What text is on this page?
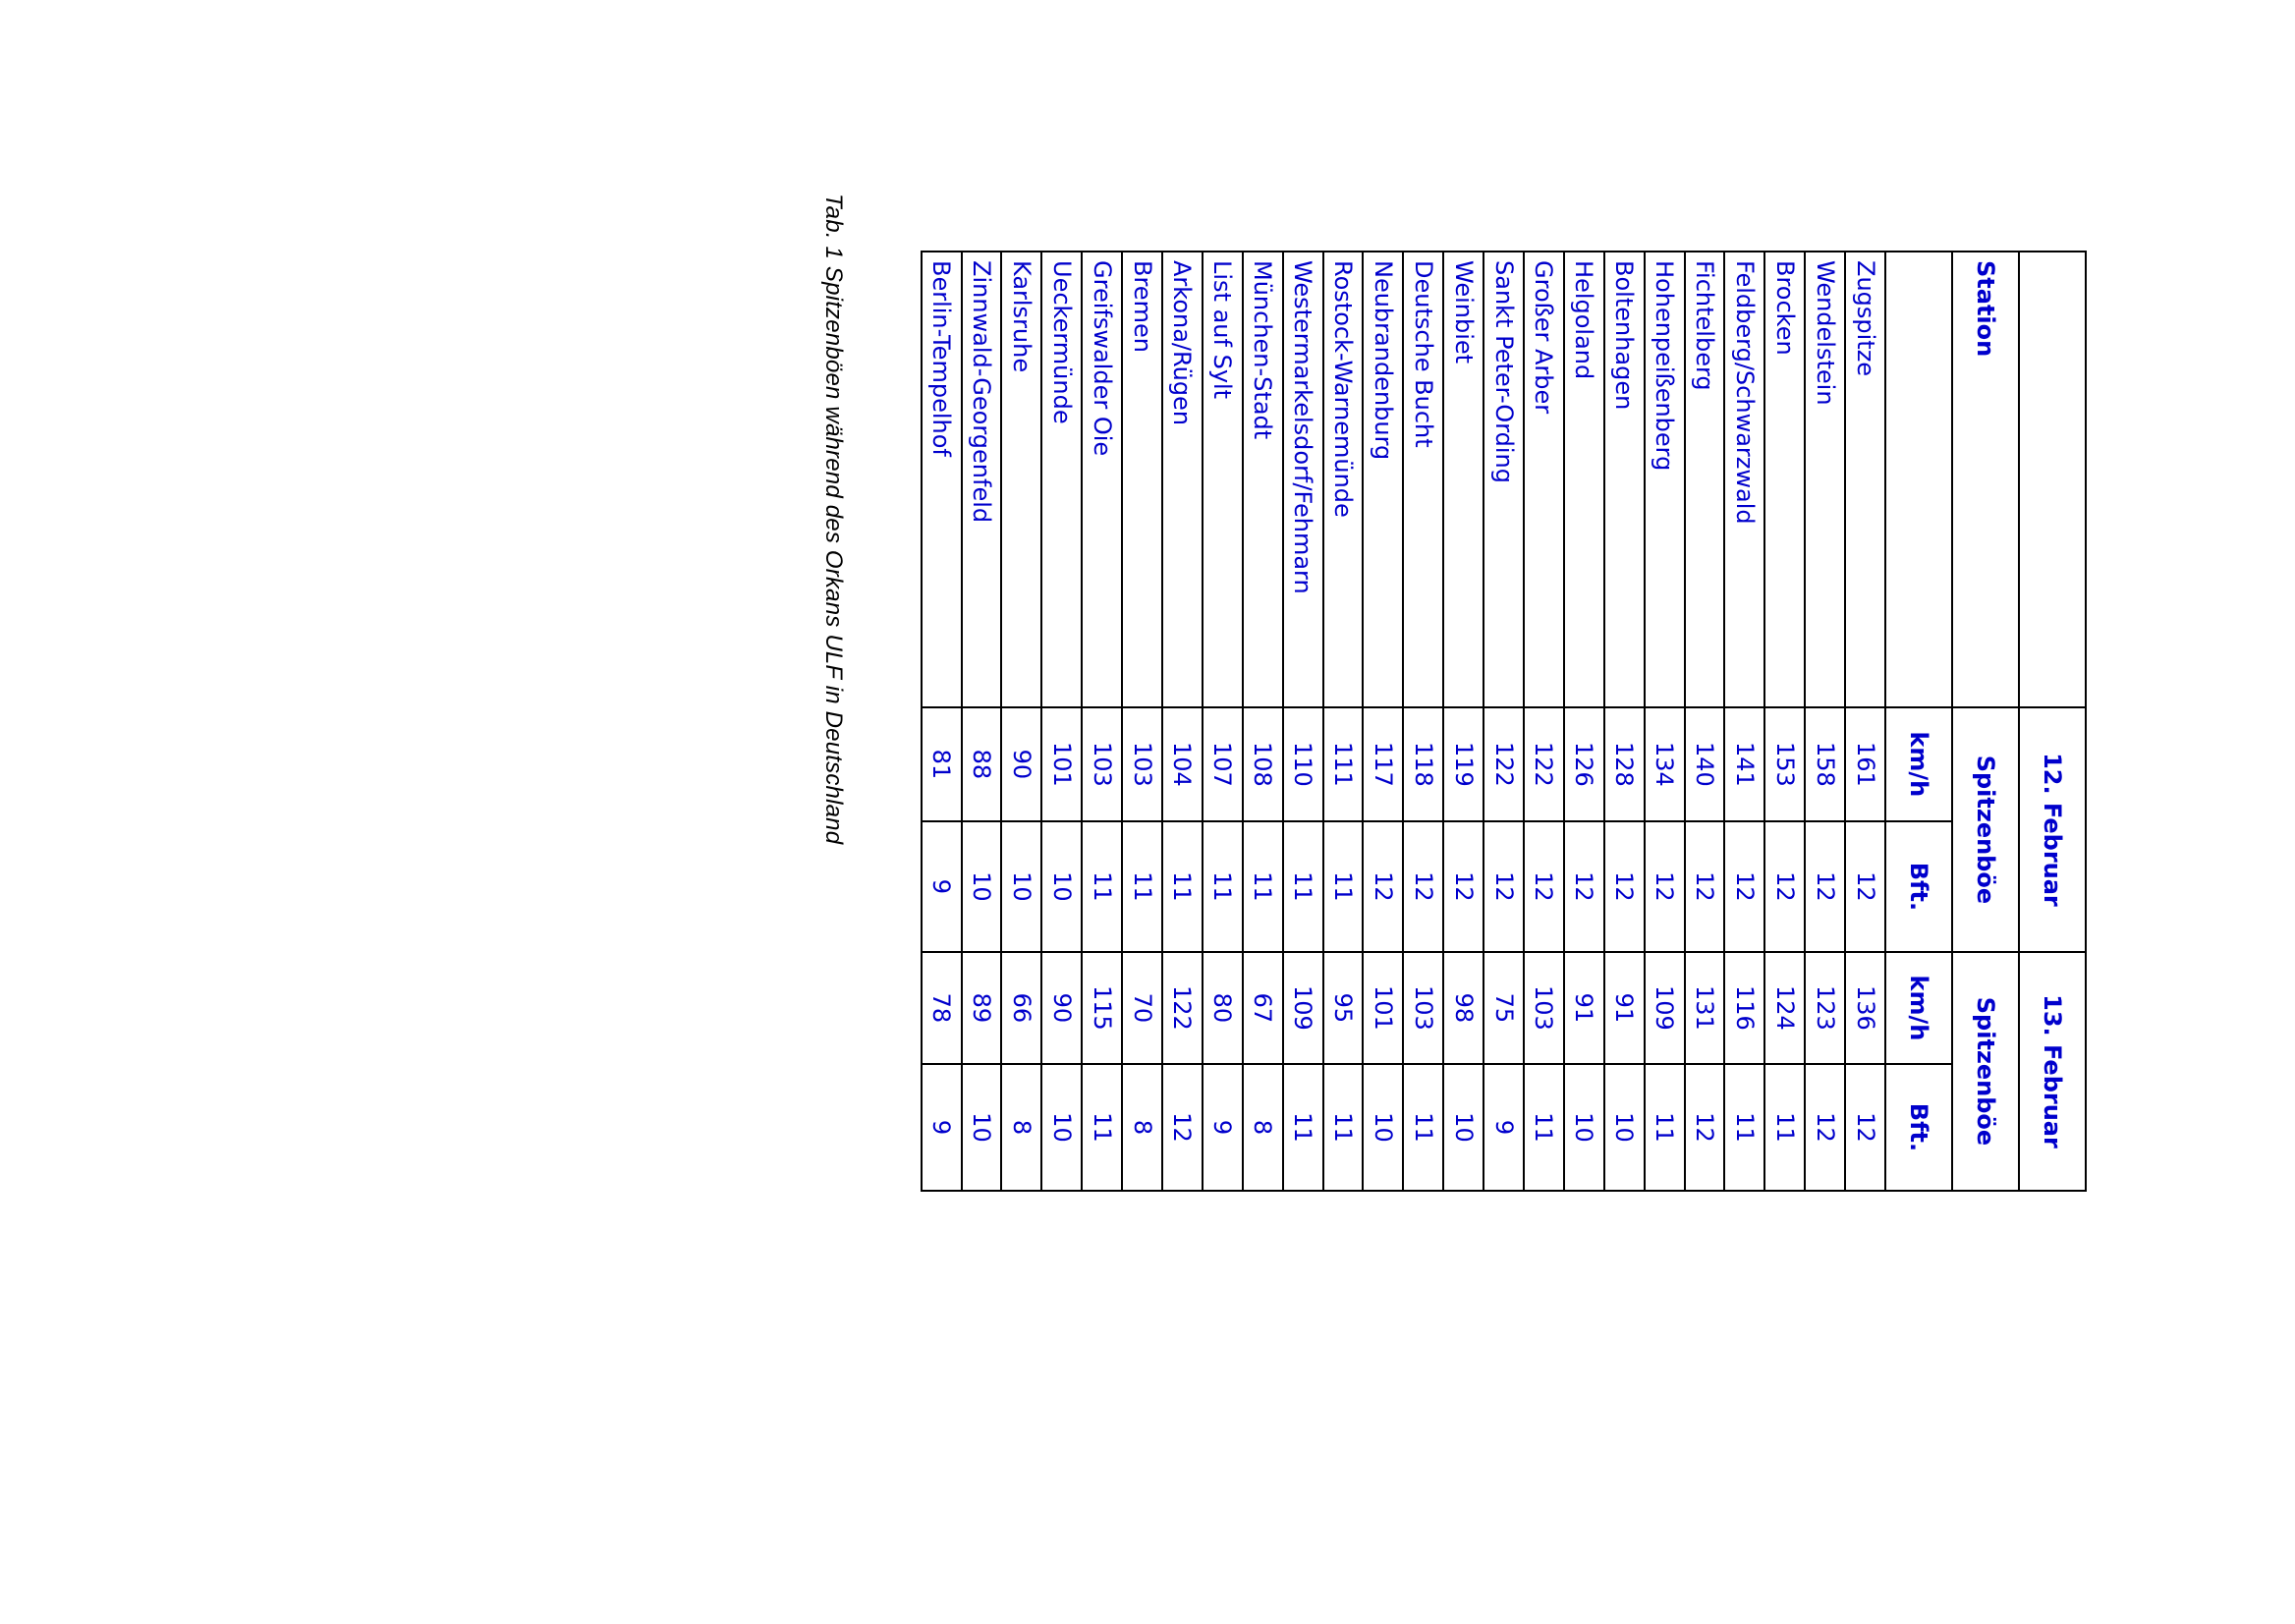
	12. Februar		13. Februar	
Station	Spitzenböe		Spitzenböe	
	km/h	Bft.	km/h	Bft.
Zugspitze	161	12	136	12
Wendelstein	158	12	123	12
Brocken	153	12	124	11
Feldberg/Schwarzwald	141	12	116	11
Fichtelberg	140	12	131	12
Hohenpeißenberg	134	12	109	11
Boltenhagen	128	12	91	10
Helgoland	126	12	91	10
Großer Arber	122	12	103	11
Sankt Peter-Ording	122	12	75	9
Weinbiet	119	12	98	10
Deutsche Bucht	118	12	103	11
Neubrandenburg	117	12	101	10
Rostock-Warnemünde	111	11	95	11
Westermarkelsdorf/Fehmarn	110	11	109	11
München-Stadt	108	11	67	8
List auf Sylt	107	11	80	9
Arkona/Rügen	104	11	122	12
Bremen	103	11	70	8
Greifswalder Oie	103	11	115	11
Ueckermünde	101	10	90	10
Karlsruhe	90	10	66	8
Zinnwald-Georgenfeld	88	10	89	10
Berlin-Tempelhof	81	9	78	9
Tab. 1 Spitzenböen während des Orkans ULF in Deutschland
